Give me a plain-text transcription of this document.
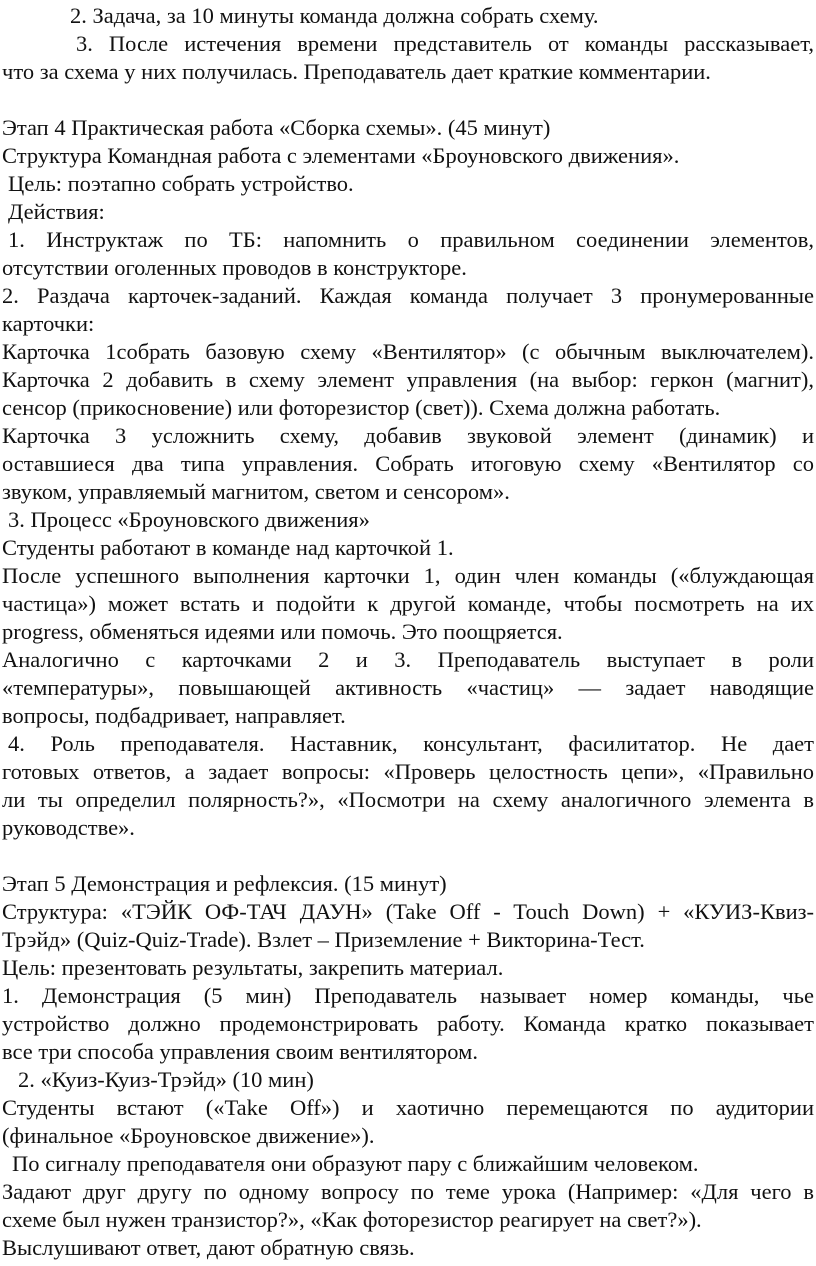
2. Задача, за 10 минуты команда должна собрать схему.
3. После истечения времени представитель от команды рассказывает,
что за схема у них получилась. Преподаватель дает краткие комментарии.
Этап 4 Практическая работа «Сборка схемы». (45 минут)
Структура Командная работа с элементами «Броуновского движения».
Цель: поэтапно собрать устройство.
Действия:
1. Инструктаж по ТБ: напомнить о правильном соединении элементов,
отсутствии оголенных проводов в конструкторе.
2. Раздача карточек-заданий. Каждая команда получает 3 пронумерованные
карточки:
Карточка 1собрать базовую схему «Вентилятор» (с обычным выключателем).
Карточка 2 добавить в схему элемент управления (на выбор: геркон (магнит),
сенсор (прикосновение) или фоторезистор (свет)). Схема должна работать.
Карточка 3 усложнить схему, добавив звуковой элемент (динамик) и
оставшиеся два типа управления. Собрать итоговую схему «Вентилятор со
звуком, управляемый магнитом, светом и сенсором».
3. Процесс «Броуновского движения»
Студенты работают в команде над карточкой 1.
После успешного выполнения карточки 1, один член команды («блуждающая
частица») может встать и подойти к другой команде, чтобы посмотреть на их
progress, обменяться идеями или помочь. Это поощряется.
Аналогично с карточками 2 и 3. Преподаватель выступает в роли
«температуры», повышающей активность «частиц» — задает наводящие
вопросы, подбадривает, направляет.
4. Роль преподавателя. Наставник, консультант, фасилитатор. Не дает
готовых ответов, а задает вопросы: «Проверь целостность цепи», «Правильно
ли ты определил полярность?», «Посмотри на схему аналогичного элемента в
руководстве».
Этап 5 Демонстрация и рефлексия. (15 минут)
Структура: «ТЭЙК ОФ-ТАЧ ДАУН» (Take Off - Touch Down) + «КУИЗ-Квиз-
Трэйд» (Quiz-Quiz-Trade). Взлет – Приземление + Викторина-Тест.
Цель: презентовать результаты, закрепить материал.
1. Демонстрация (5 мин) Преподаватель называет номер команды, чье
устройство должно продемонстрировать работу. Команда кратко показывает
все три способа управления своим вентилятором.
2. «Куиз-Куиз-Трэйд» (10 мин)
Студенты встают («Take Off») и хаотично перемещаются по аудитории
(финальное «Броуновское движение»).
По сигналу преподавателя они образуют пару с ближайшим человеком.
Задают друг другу по одному вопросу по теме урока (Например: «Для чего в
схеме был нужен транзистор?», «Как фоторезистор реагирует на свет?»).
Выслушивают ответ, дают обратную связь.
